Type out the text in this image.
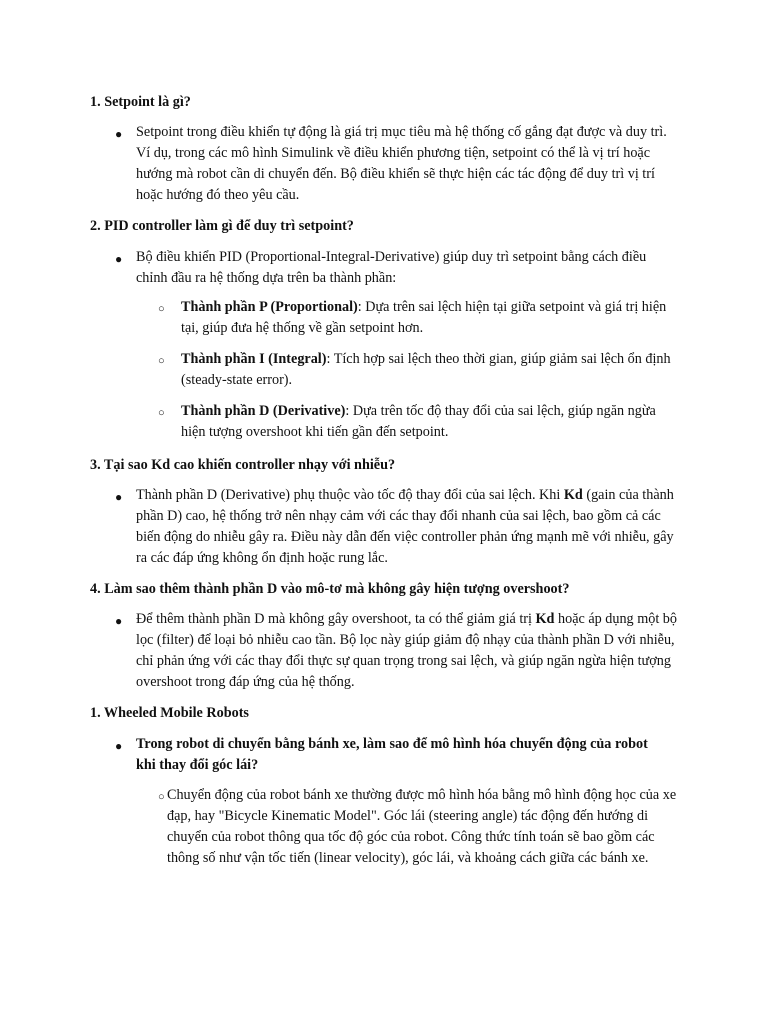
1. Setpoint là gì?
● Setpoint trong điều khiển tự động là giá trị mục tiêu mà hệ thống cố gắng đạt được và duy trì. Ví dụ, trong các mô hình Simulink về điều khiển phương tiện, setpoint có thể là vị trí hoặc hướng mà robot cần di chuyển đến. Bộ điều khiển sẽ thực hiện các tác động để duy trì vị trí hoặc hướng đó theo yêu cầu.
2. PID controller làm gì để duy trì setpoint?
● Bộ điều khiển PID (Proportional-Integral-Derivative) giúp duy trì setpoint bằng cách điều chỉnh đầu ra hệ thống dựa trên ba thành phần:
○ Thành phần P (Proportional): Dựa trên sai lệch hiện tại giữa setpoint và giá trị hiện tại, giúp đưa hệ thống về gần setpoint hơn.
○ Thành phần I (Integral): Tích hợp sai lệch theo thời gian, giúp giảm sai lệch ổn định (steady-state error).
○ Thành phần D (Derivative): Dựa trên tốc độ thay đổi của sai lệch, giúp ngăn ngừa hiện tượng overshoot khi tiến gần đến setpoint.
3. Tại sao Kd cao khiến controller nhạy với nhiễu?
● Thành phần D (Derivative) phụ thuộc vào tốc độ thay đổi của sai lệch. Khi Kd (gain của thành phần D) cao, hệ thống trở nên nhạy cảm với các thay đổi nhanh của sai lệch, bao gồm cả các biến động do nhiễu gây ra. Điều này dẫn đến việc controller phản ứng mạnh mẽ với nhiễu, gây ra các đáp ứng không ổn định hoặc rung lắc.
4. Làm sao thêm thành phần D vào mô-tơ mà không gây hiện tượng overshoot?
● Để thêm thành phần D mà không gây overshoot, ta có thể giảm giá trị Kd hoặc áp dụng một bộ lọc (filter) để loại bỏ nhiễu cao tần. Bộ lọc này giúp giảm độ nhạy của thành phần D với nhiễu, chỉ phản ứng với các thay đổi thực sự quan trọng trong sai lệch, và giúp ngăn ngừa hiện tượng overshoot trong đáp ứng của hệ thống.
1. Wheeled Mobile Robots
● Trong robot di chuyển bằng bánh xe, làm sao để mô hình hóa chuyển động của robot khi thay đổi góc lái?
○ Chuyển động của robot bánh xe thường được mô hình hóa bằng mô hình động học của xe đạp, hay "Bicycle Kinematic Model". Góc lái (steering angle) tác động đến hướng di chuyển của robot thông qua tốc độ góc của robot. Công thức tính toán sẽ bao gồm các thông số như vận tốc tiến (linear velocity), góc lái, và khoảng cách giữa các bánh xe.
